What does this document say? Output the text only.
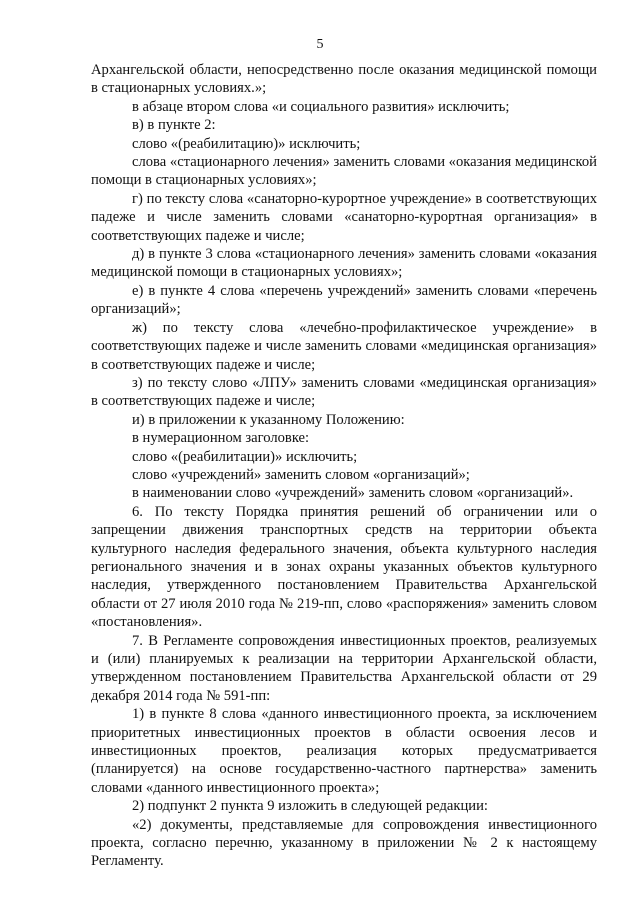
5

Архангельской области, непосредственно после оказания медицинской помощи в стационарных условиях.»;

в абзаце втором слова «и социального развития» исключить;

в) в пункте 2:

слово «(реабилитацию)» исключить;

слова «стационарного лечения» заменить словами «оказания медицинской помощи в стационарных условиях»;

г) по тексту слова «санаторно-курортное учреждение» в соответствующих падеже и числе заменить словами «санаторно-курортная организация» в соответствующих падеже и числе;

д) в пункте 3 слова «стационарного лечения» заменить словами «оказания медицинской помощи в стационарных условиях»;

е) в пункте 4 слова «перечень учреждений» заменить словами «перечень организаций»;

ж) по тексту слова «лечебно-профилактическое учреждение» в соответствующих падеже и числе заменить словами «медицинская организация» в соответствующих падеже и числе;

з) по тексту слово «ЛПУ» заменить словами «медицинская организация» в соответствующих падеже и числе;

и) в приложении к указанному Положению:

в нумерационном заголовке:

слово «(реабилитации)» исключить;

слово «учреждений» заменить словом «организаций»;

в наименовании слово «учреждений» заменить словом «организаций».

6. По тексту Порядка принятия решений об ограничении или о запрещении движения транспортных средств на территории объекта культурного наследия федерального значения, объекта культурного наследия регионального значения и в зонах охраны указанных объектов культурного наследия, утвержденного постановлением Правительства Архангельской области от 27 июля 2010 года № 219-пп, слово «распоряжения» заменить словом «постановления».

7. В Регламенте сопровождения инвестиционных проектов, реализуемых и (или) планируемых к реализации на территории Архангельской области, утвержденном постановлением Правительства Архангельской области от 29 декабря 2014 года № 591-пп:

1) в пункте 8 слова «данного инвестиционного проекта, за исключением приоритетных инвестиционных проектов в области освоения лесов и инвестиционных проектов, реализация которых предусматривается (планируется) на основе государственно-частного партнерства» заменить словами «данного инвестиционного проекта»;

2) подпункт 2 пункта 9 изложить в следующей редакции:

«2) документы, представляемые для сопровождения инвестиционного проекта, согласно перечню, указанному в приложении № 2 к настоящему Регламенту.
